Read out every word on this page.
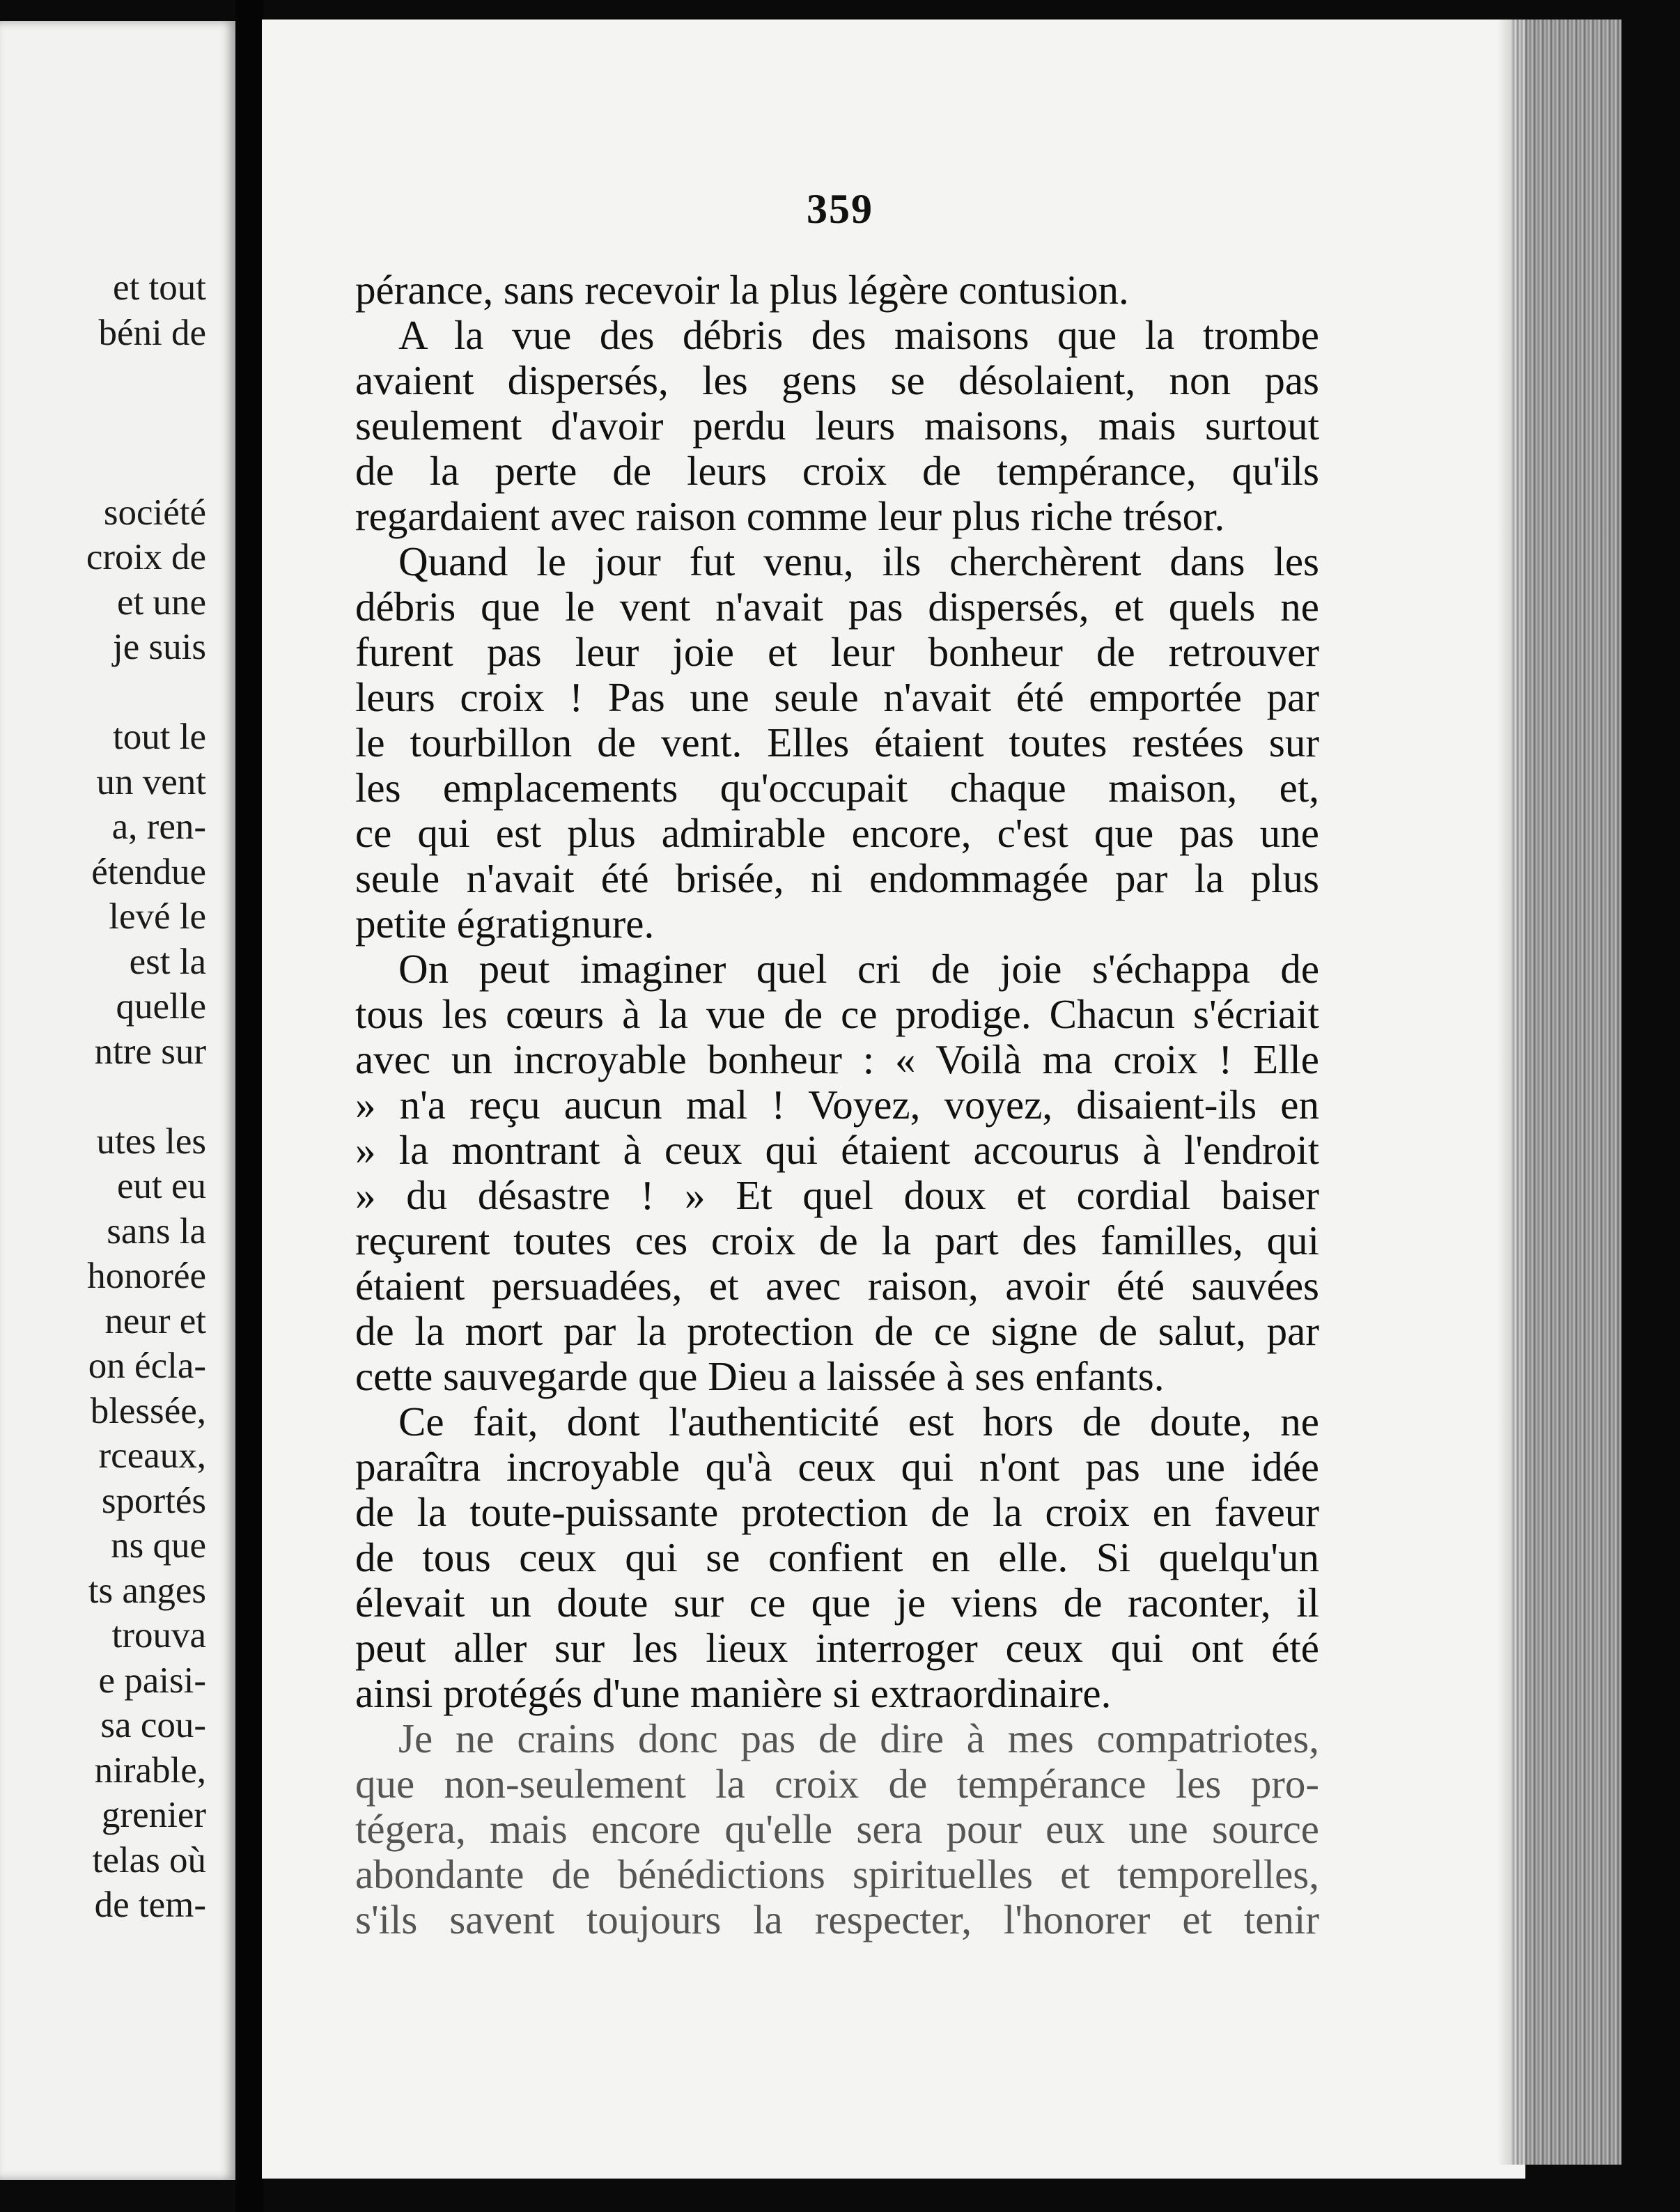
et tout
béni de
société
croix de
et une
je suis
tout le
un vent
a, ren-
étendue
levé le
est la
quelle
ntre sur
utes les
eut eu
sans la
honorée
neur et
on écla-
blessée,
rceaux,
sportés
ns que
ts anges
trouva
e paisi-
sa cou-
nirable,
grenier
telas où
de tem-
359
pérance, sans recevoir la plus légère contusion.
A la vue des débris des maisons que la trombe
avaient dispersés, les gens se désolaient, non pas
seulement d'avoir perdu leurs maisons, mais surtout
de la perte de leurs croix de tempérance, qu'ils
regardaient avec raison comme leur plus riche trésor.
Quand le jour fut venu, ils cherchèrent dans les
débris que le vent n'avait pas dispersés, et quels ne
furent pas leur joie et leur bonheur de retrouver
leurs croix ! Pas une seule n'avait été emportée par
le tourbillon de vent. Elles étaient toutes restées sur
les emplacements qu'occupait chaque maison, et,
ce qui est plus admirable encore, c'est que pas une
seule n'avait été brisée, ni endommagée par la plus
petite égratignure.
On peut imaginer quel cri de joie s'échappa de
tous les cœurs à la vue de ce prodige. Chacun s'écriait
avec un incroyable bonheur : « Voilà ma croix ! Elle
» n'a reçu aucun mal ! Voyez, voyez, disaient-ils en
» la montrant à ceux qui étaient accourus à l'endroit
» du désastre ! » Et quel doux et cordial baiser
reçurent toutes ces croix de la part des familles, qui
étaient persuadées, et avec raison, avoir été sauvées
de la mort par la protection de ce signe de salut, par
cette sauvegarde que Dieu a laissée à ses enfants.
Ce fait, dont l'authenticité est hors de doute, ne
paraîtra incroyable qu'à ceux qui n'ont pas une idée
de la toute-puissante protection de la croix en faveur
de tous ceux qui se confient en elle. Si quelqu'un
élevait un doute sur ce que je viens de raconter, il
peut aller sur les lieux interroger ceux qui ont été
ainsi protégés d'une manière si extraordinaire.
Je ne crains donc pas de dire à mes compatriotes,
que non-seulement la croix de tempérance les pro-
tégera, mais encore qu'elle sera pour eux une source
abondante de bénédictions spirituelles et temporelles,
s'ils savent toujours la respecter, l'honorer et tenir
